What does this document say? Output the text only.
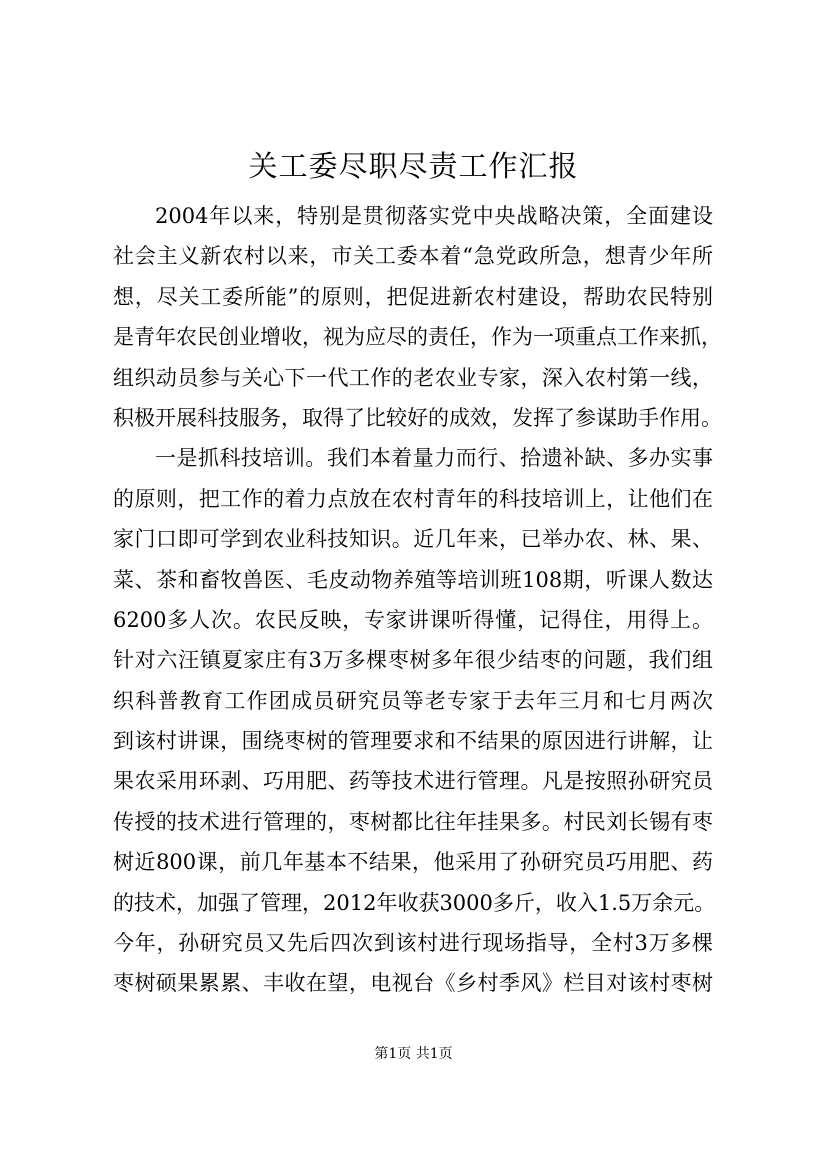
关工委尽职尽责工作汇报
2004年以来，特别是贯彻落实党中央战略决策，全面建设
社会主义新农村以来，市关工委本着“急党政所急，想青少年所
想，尽关工委所能”的原则，把促进新农村建设，帮助农民特别
是青年农民创业增收，视为应尽的责任，作为一项重点工作来抓，
组织动员参与关心下一代工作的老农业专家，深入农村第一线，
积极开展科技服务，取得了比较好的成效，发挥了参谋助手作用。
一是抓科技培训。我们本着量力而行、拾遗补缺、多办实事
的原则，把工作的着力点放在农村青年的科技培训上，让他们在
家门口即可学到农业科技知识。近几年来，已举办农、林、果、
菜、茶和畜牧兽医、毛皮动物养殖等培训班108期，听课人数达
6200多人次。农民反映，专家讲课听得懂，记得住，用得上。
针对六汪镇夏家庄有3万多棵枣树多年很少结枣的问题，我们组
织科普教育工作团成员研究员等老专家于去年三月和七月两次
到该村讲课，围绕枣树的管理要求和不结果的原因进行讲解，让
果农采用环剥、巧用肥、药等技术进行管理。凡是按照孙研究员
传授的技术进行管理的，枣树都比往年挂果多。村民刘长锡有枣
树近800课，前几年基本不结果，他采用了孙研究员巧用肥、药
的技术，加强了管理，2012年收获3000多斤，收入1.5万余元。
今年，孙研究员又先后四次到该村进行现场指导，全村3万多棵
枣树硕果累累、丰收在望，电视台《乡村季风》栏目对该村枣树
第1页 共1页
